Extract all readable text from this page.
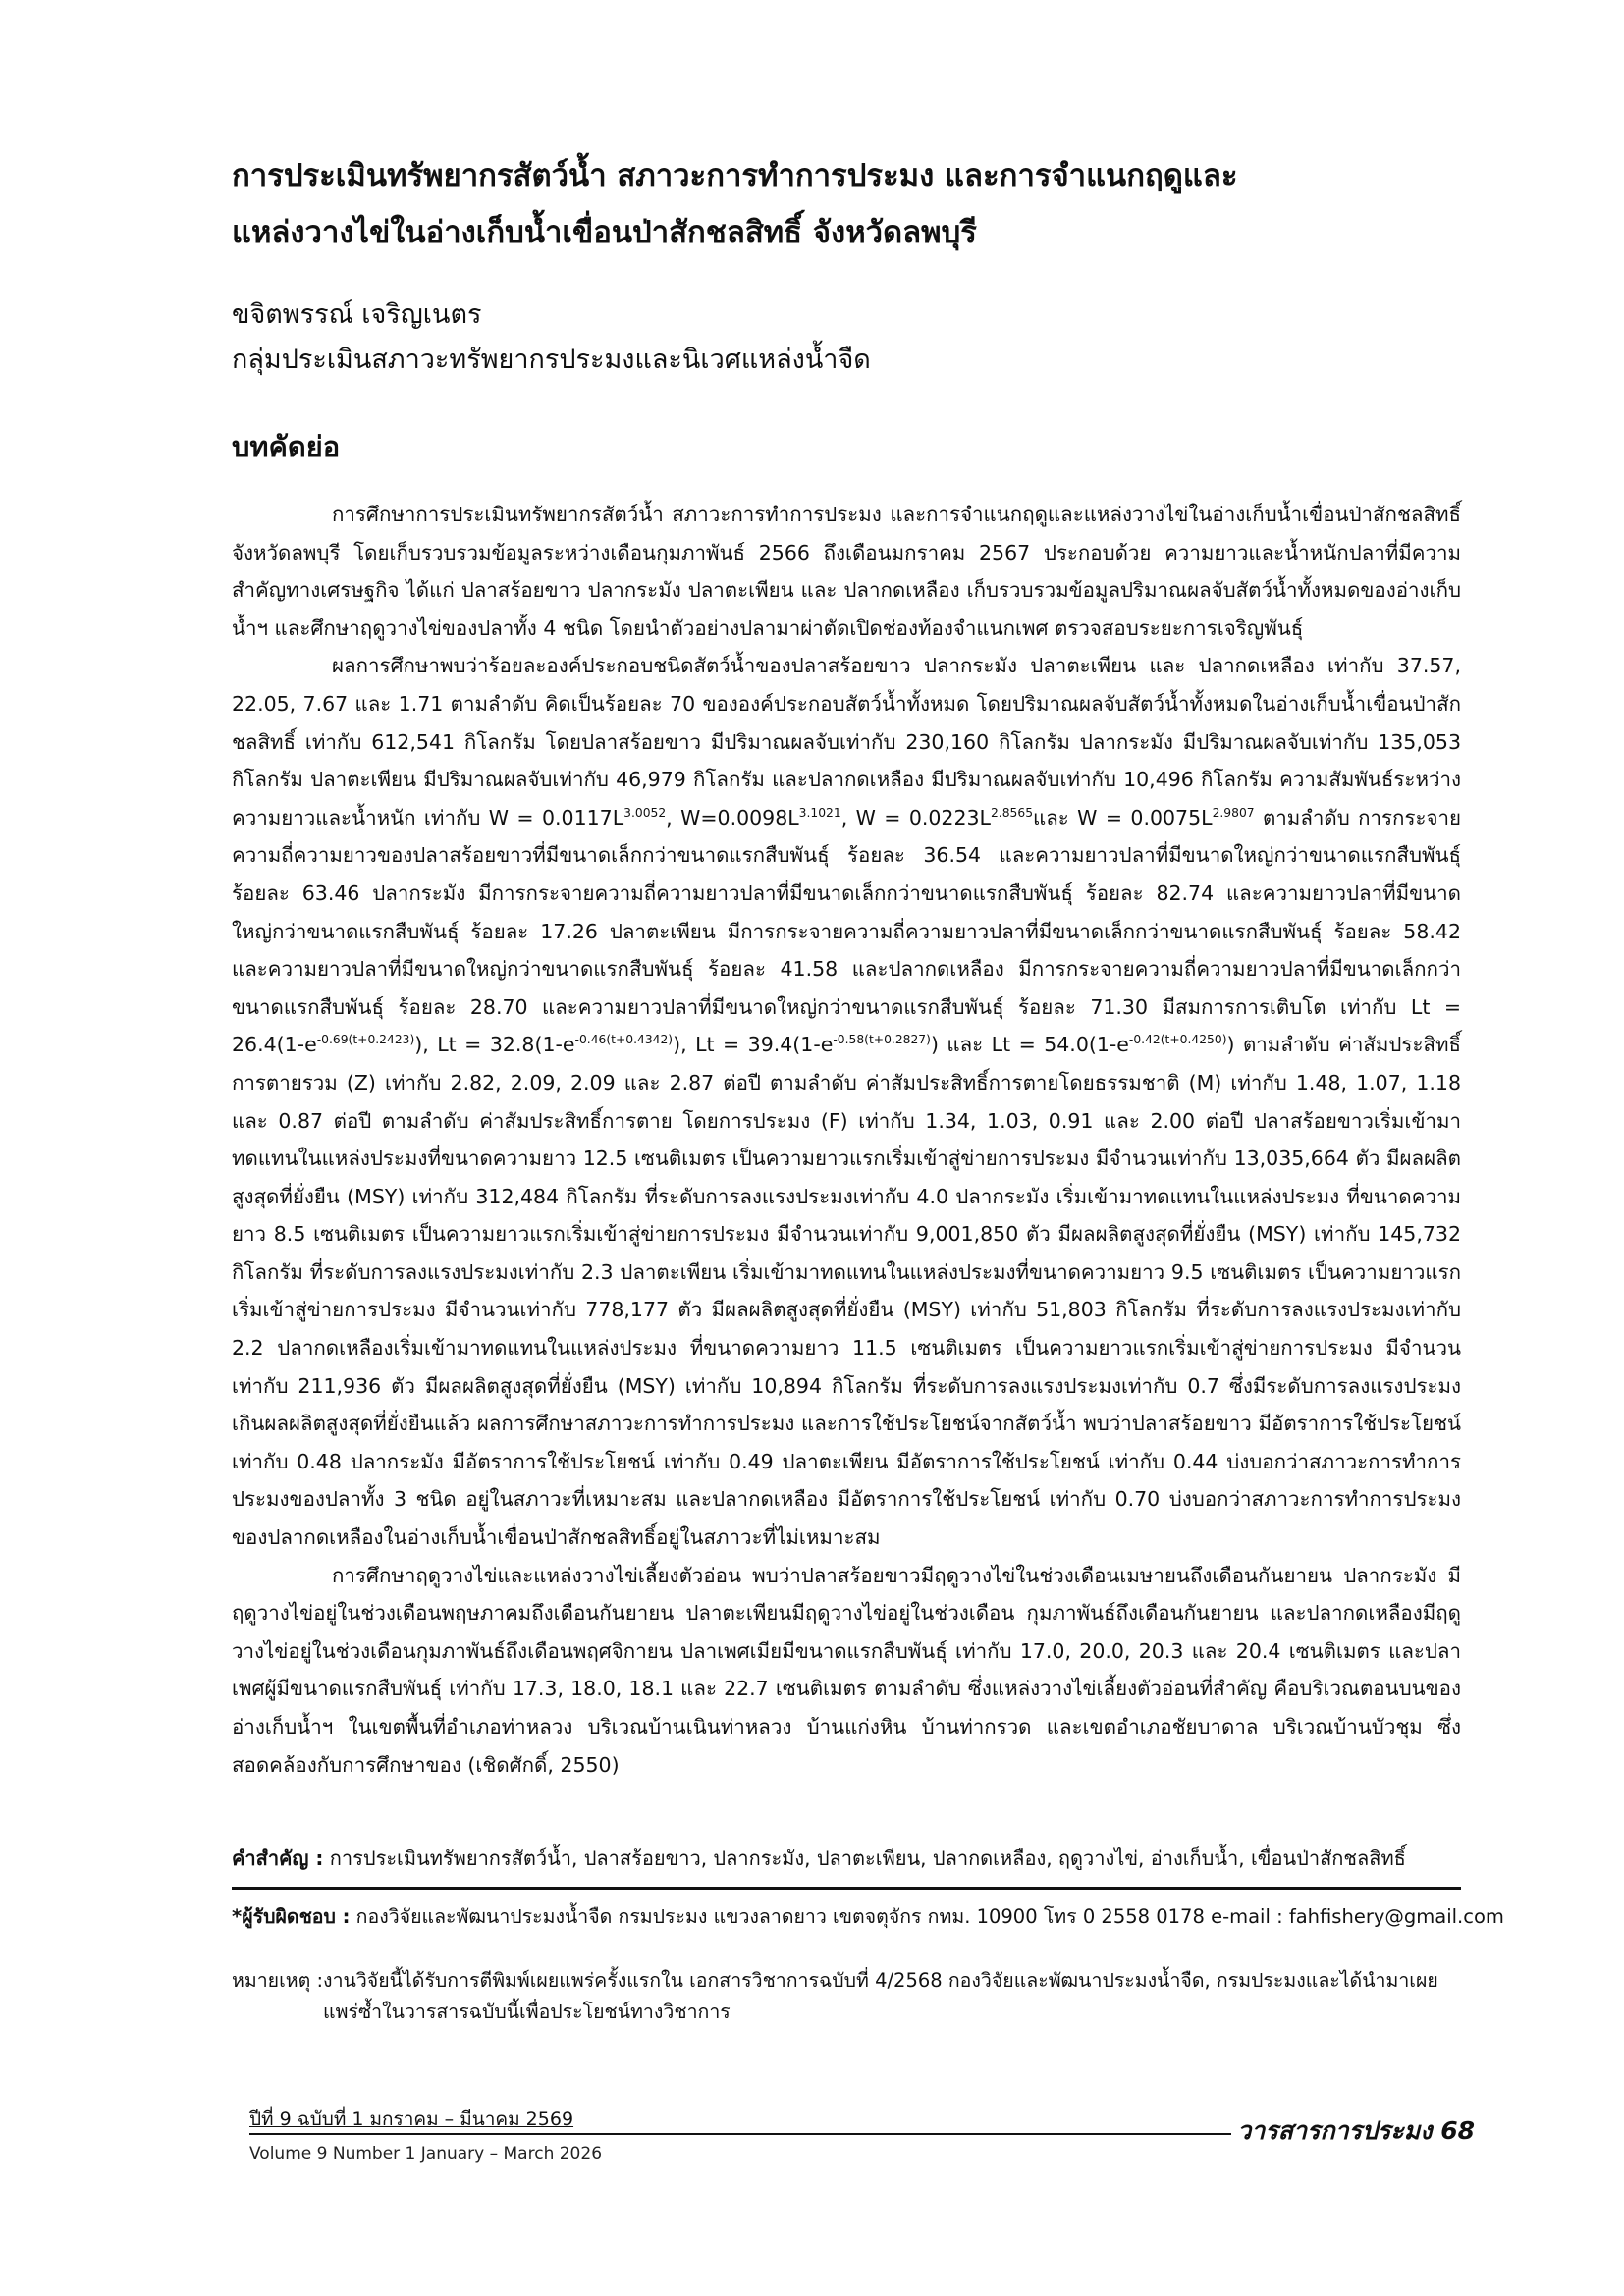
การประเมินทรัพยากรสัตว์น้ำ สภาวะการทำการประมง และการจำแนกฤดูและ
แหล่งวางไข่ในอ่างเก็บน้ำเขื่อนป่าสักชลสิทธิ์ จังหวัดลพบุรี
ขจิตพรรณ์ เจริญเนตร
กลุ่มประเมินสภาวะทรัพยากรประมงและนิเวศแหล่งน้ำจืด
บทคัดย่อ

การศึกษาการประเมินทรัพยากรสัตว์น้ำ สภาวะการทำการประมง และการจำแนกฤดูและแหล่งวางไข่ในอ่างเก็บน้ำเขื่อนป่าสักชลสิทธิ์ จังหวัดลพบุรี โดยเก็บรวบรวมข้อมูลระหว่างเดือนกุมภาพันธ์ 2566 ถึงเดือนมกราคม 2567 ประกอบด้วย ความยาวและน้ำหนักปลาที่มีความสำคัญทางเศรษฐกิจ ได้แก่ ปลาสร้อยขาว ปลากระมัง ปลาตะเพียน และ ปลากดเหลือง เก็บรวบรวมข้อมูลปริมาณผลจับสัตว์น้ำทั้งหมดของอ่างเก็บน้ำฯ และศึกษาฤดูวางไข่ของปลาทั้ง 4 ชนิด โดยนำตัวอย่างปลามาผ่าตัดเปิดช่องท้องจำแนกเพศ ตรวจสอบระยะการเจริญพันธุ์

ผลการศึกษาพบว่าร้อยละองค์ประกอบชนิดสัตว์น้ำของปลาสร้อยขาว ปลากระมัง ปลาตะเพียน และ ปลากดเหลือง เท่ากับ 37.57, 22.05, 7.67 และ 1.71 ตามลำดับ คิดเป็นร้อยละ 70 ขององค์ประกอบสัตว์น้ำทั้งหมด โดยปริมาณผลจับสัตว์น้ำทั้งหมดในอ่างเก็บน้ำเขื่อนป่าสักชลสิทธิ์ เท่ากับ 612,541 กิโลกรัม โดยปลาสร้อยขาว มีปริมาณผลจับเท่ากับ 230,160 กิโลกรัม ปลากระมัง มีปริมาณผลจับเท่ากับ 135,053 กิโลกรัม ปลาตะเพียน มีปริมาณผลจับเท่ากับ 46,979 กิโลกรัม และปลากดเหลือง มีปริมาณผลจับเท่ากับ 10,496 กิโลกรัม ความสัมพันธ์ระหว่างความยาวและน้ำหนัก เท่ากับ $W = 0.0117L^{3.0052}$, $W=0.0098L^{3.1021}$, $W = 0.0223L^{2.8565}$และ $W = 0.0075L^{2.9807}$ ตามลำดับ การกระจายความถี่ความยาวของปลาสร้อยขาวที่มีขนาดเล็กกว่าขนาดแรกสืบพันธุ์ ร้อยละ 36.54 และความยาวปลาที่มีขนาดใหญ่กว่าขนาดแรกสืบพันธุ์ ร้อยละ 63.46 ปลากระมัง มีการกระจายความถี่ความยาวปลาที่มีขนาดเล็กกว่าขนาดแรกสืบพันธุ์ ร้อยละ 82.74 และความยาวปลาที่มีขนาดใหญ่กว่าขนาดแรกสืบพันธุ์ ร้อยละ 17.26 ปลาตะเพียน มีการกระจายความถี่ความยาวปลาที่มีขนาดเล็กกว่าขนาดแรกสืบพันธุ์ ร้อยละ 58.42 และความยาวปลาที่มีขนาดใหญ่กว่าขนาดแรกสืบพันธุ์ ร้อยละ 41.58 และปลากดเหลือง มีการกระจายความถี่ความยาวปลาที่มีขนาดเล็กกว่าขนาดแรกสืบพันธุ์ ร้อยละ 28.70 และความยาวปลาที่มีขนาดใหญ่กว่าขนาดแรกสืบพันธุ์ ร้อยละ 71.30 มีสมการการเติบโต เท่ากับ $Lt = 26.4(1-e^{-0.69(t+0.2423)})$, $Lt = 32.8(1-e^{-0.46(t+0.4342)})$, $Lt = 39.4(1-e^{-0.58(t+0.2827)})$ และ $Lt = 54.0(1-e^{-0.42(t+0.4250)})$ ตามลำดับ ค่าสัมประสิทธิ์การตายรวม (Z) เท่ากับ 2.82, 2.09, 2.09 และ 2.87 ต่อปี ตามลำดับ ค่าสัมประสิทธิ์การตายโดยธรรมชาติ (M) เท่ากับ 1.48, 1.07, 1.18 และ 0.87 ต่อปี ตามลำดับ ค่าสัมประสิทธิ์การตาย โดยการประมง (F) เท่ากับ 1.34, 1.03, 0.91 และ 2.00 ต่อปี ปลาสร้อยขาวเริ่มเข้ามาทดแทนในแหล่งประมงที่ขนาดความยาว 12.5 เซนติเมตร เป็นความยาวแรกเริ่มเข้าสู่ข่ายการประมง มีจำนวนเท่ากับ 13,035,664 ตัว มีผลผลิตสูงสุดที่ยั่งยืน (MSY) เท่ากับ 312,484 กิโลกรัม ที่ระดับการลงแรงประมงเท่ากับ 4.0 ปลากระมัง เริ่มเข้ามาทดแทนในแหล่งประมง ที่ขนาดความยาว 8.5 เซนติเมตร เป็นความยาวแรกเริ่มเข้าสู่ข่ายการประมง มีจำนวนเท่ากับ 9,001,850 ตัว มีผลผลิตสูงสุดที่ยั่งยืน (MSY) เท่ากับ 145,732 กิโลกรัม ที่ระดับการลงแรงประมงเท่ากับ 2.3 ปลาตะเพียน เริ่มเข้ามาทดแทนในแหล่งประมงที่ขนาดความยาว 9.5 เซนติเมตร เป็นความยาวแรกเริ่มเข้าสู่ข่ายการประมง มีจำนวนเท่ากับ 778,177 ตัว มีผลผลิตสูงสุดที่ยั่งยืน (MSY) เท่ากับ 51,803 กิโลกรัม ที่ระดับการลงแรงประมงเท่ากับ 2.2 ปลากดเหลืองเริ่มเข้ามาทดแทนในแหล่งประมง ที่ขนาดความยาว 11.5 เซนติเมตร เป็นความยาวแรกเริ่มเข้าสู่ข่ายการประมง มีจำนวนเท่ากับ 211,936 ตัว มีผลผลิตสูงสุดที่ยั่งยืน (MSY) เท่ากับ 10,894 กิโลกรัม ที่ระดับการลงแรงประมงเท่ากับ 0.7 ซึ่งมีระดับการลงแรงประมง เกินผลผลิตสูงสุดที่ยั่งยืนแล้ว ผลการศึกษาสภาวะการทำการประมง และการใช้ประโยชน์จากสัตว์น้ำ พบว่าปลาสร้อยขาว มีอัตราการใช้ประโยชน์ เท่ากับ 0.48 ปลากระมัง มีอัตราการใช้ประโยชน์ เท่ากับ 0.49 ปลาตะเพียน มีอัตราการใช้ประโยชน์ เท่ากับ 0.44 บ่งบอกว่าสภาวะการทำการประมงของปลาทั้ง 3 ชนิด อยู่ในสภาวะที่เหมาะสม และปลากดเหลือง มีอัตราการใช้ประโยชน์ เท่ากับ 0.70 บ่งบอกว่าสภาวะการทำการประมงของปลากดเหลืองในอ่างเก็บน้ำเขื่อนป่าสักชลสิทธิ์อยู่ในสภาวะที่ไม่เหมาะสม

การศึกษาฤดูวางไข่และแหล่งวางไข่เลี้ยงตัวอ่อน พบว่าปลาสร้อยขาวมีฤดูวางไข่ในช่วงเดือนเมษายนถึงเดือนกันยายน ปลากระมัง มีฤดูวางไข่อยู่ในช่วงเดือนพฤษภาคมถึงเดือนกันยายน ปลาตะเพียนมีฤดูวางไข่อยู่ในช่วงเดือน กุมภาพันธ์ถึงเดือนกันยายน และปลากดเหลืองมีฤดูวางไข่อยู่ในช่วงเดือนกุมภาพันธ์ถึงเดือนพฤศจิกายน ปลาเพศเมียมีขนาดแรกสืบพันธุ์ เท่ากับ 17.0, 20.0, 20.3 และ 20.4 เซนติเมตร และปลาเพศผู้มีขนาดแรกสืบพันธุ์ เท่ากับ 17.3, 18.0, 18.1 และ 22.7 เซนติเมตร ตามลำดับ ซึ่งแหล่งวางไข่เลี้ยงตัวอ่อนที่สำคัญ คือบริเวณตอนบนของอ่างเก็บน้ำฯ ในเขตพื้นที่อำเภอท่าหลวง บริเวณบ้านเนินท่าหลวง บ้านแก่งหิน บ้านท่ากรวด และเขตอำเภอชัยบาดาล บริเวณบ้านบัวชุม ซึ่งสอดคล้องกับการศึกษาของ (เชิดศักดิ์, 2550)

คำสำคัญ : การประเมินทรัพยากรสัตว์น้ำ, ปลาสร้อยขาว, ปลากระมัง, ปลาตะเพียน, ปลากดเหลือง, ฤดูวางไข่, อ่างเก็บน้ำ, เขื่อนป่าสักชลสิทธิ์
*ผู้รับผิดชอบ : กองวิจัยและพัฒนาประมงน้ำจืด กรมประมง แขวงลาดยาว เขตจตุจักร กทม. 10900 โทร 0 2558 0178 e-mail : fahfishery@gmail.com
หมายเหตุ : งานวิจัยนี้ได้รับการตีพิมพ์เผยแพร่ครั้งแรกใน เอกสารวิชาการฉบับที่ 4/2568 กองวิจัยและพัฒนาประมงน้ำจืด, กรมประมงและได้นำมาเผยแพร่ซ้ำในวารสารฉบับนี้เพื่อประโยชน์ทางวิชาการ
ปีที่ 9 ฉบับที่ 1 มกราคม – มีนาคม 2569
Volume 9 Number 1 January – March 2026
วารสารการประมง 68
